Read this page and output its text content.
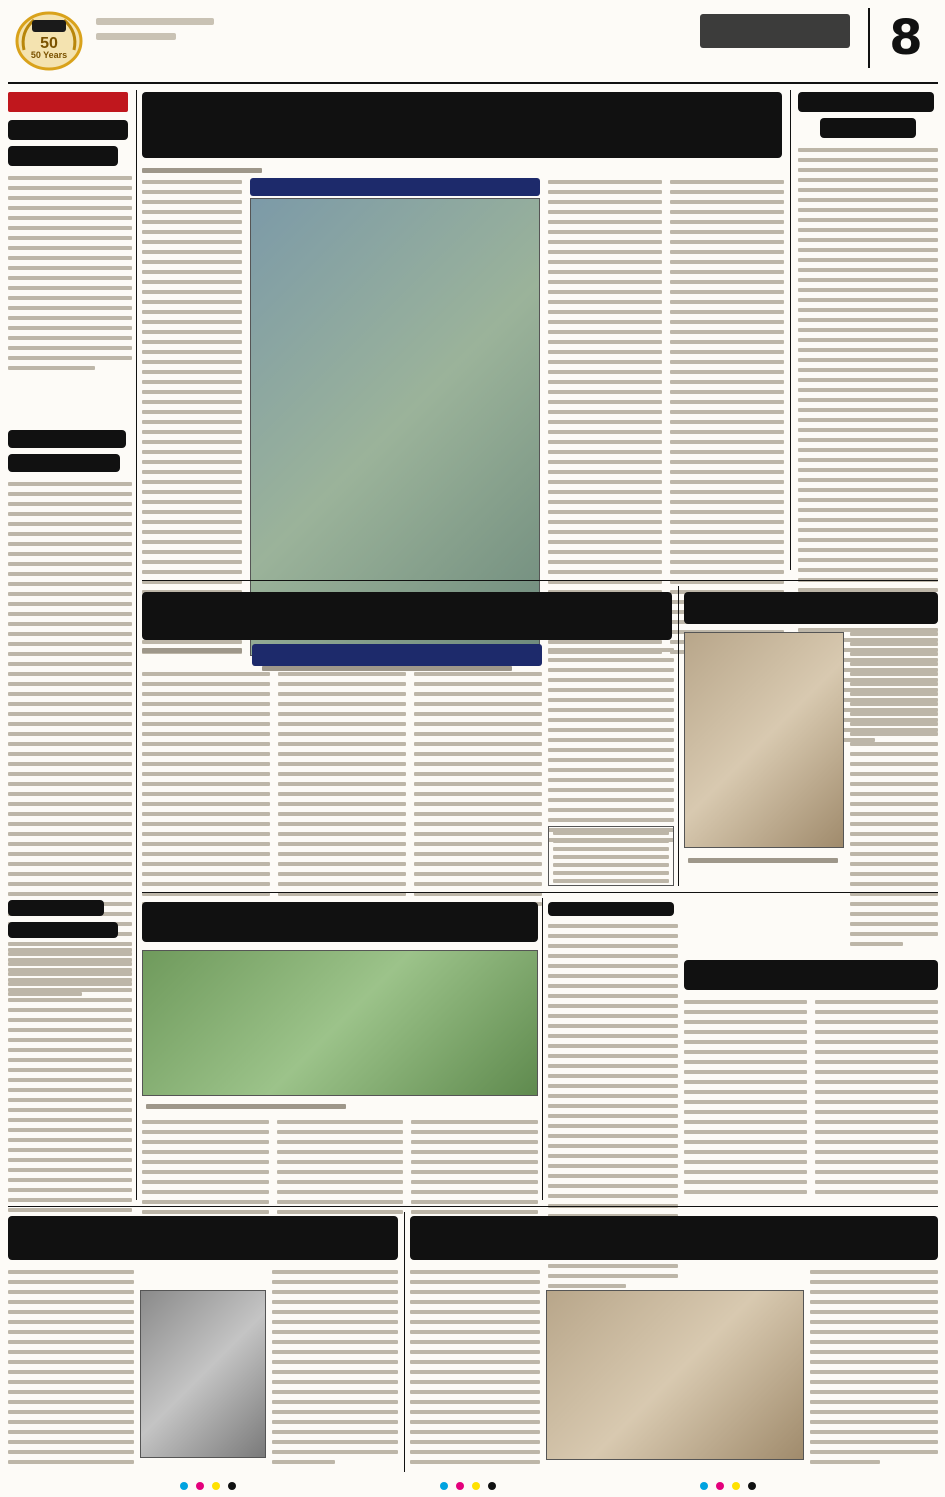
50
50 Years	8
